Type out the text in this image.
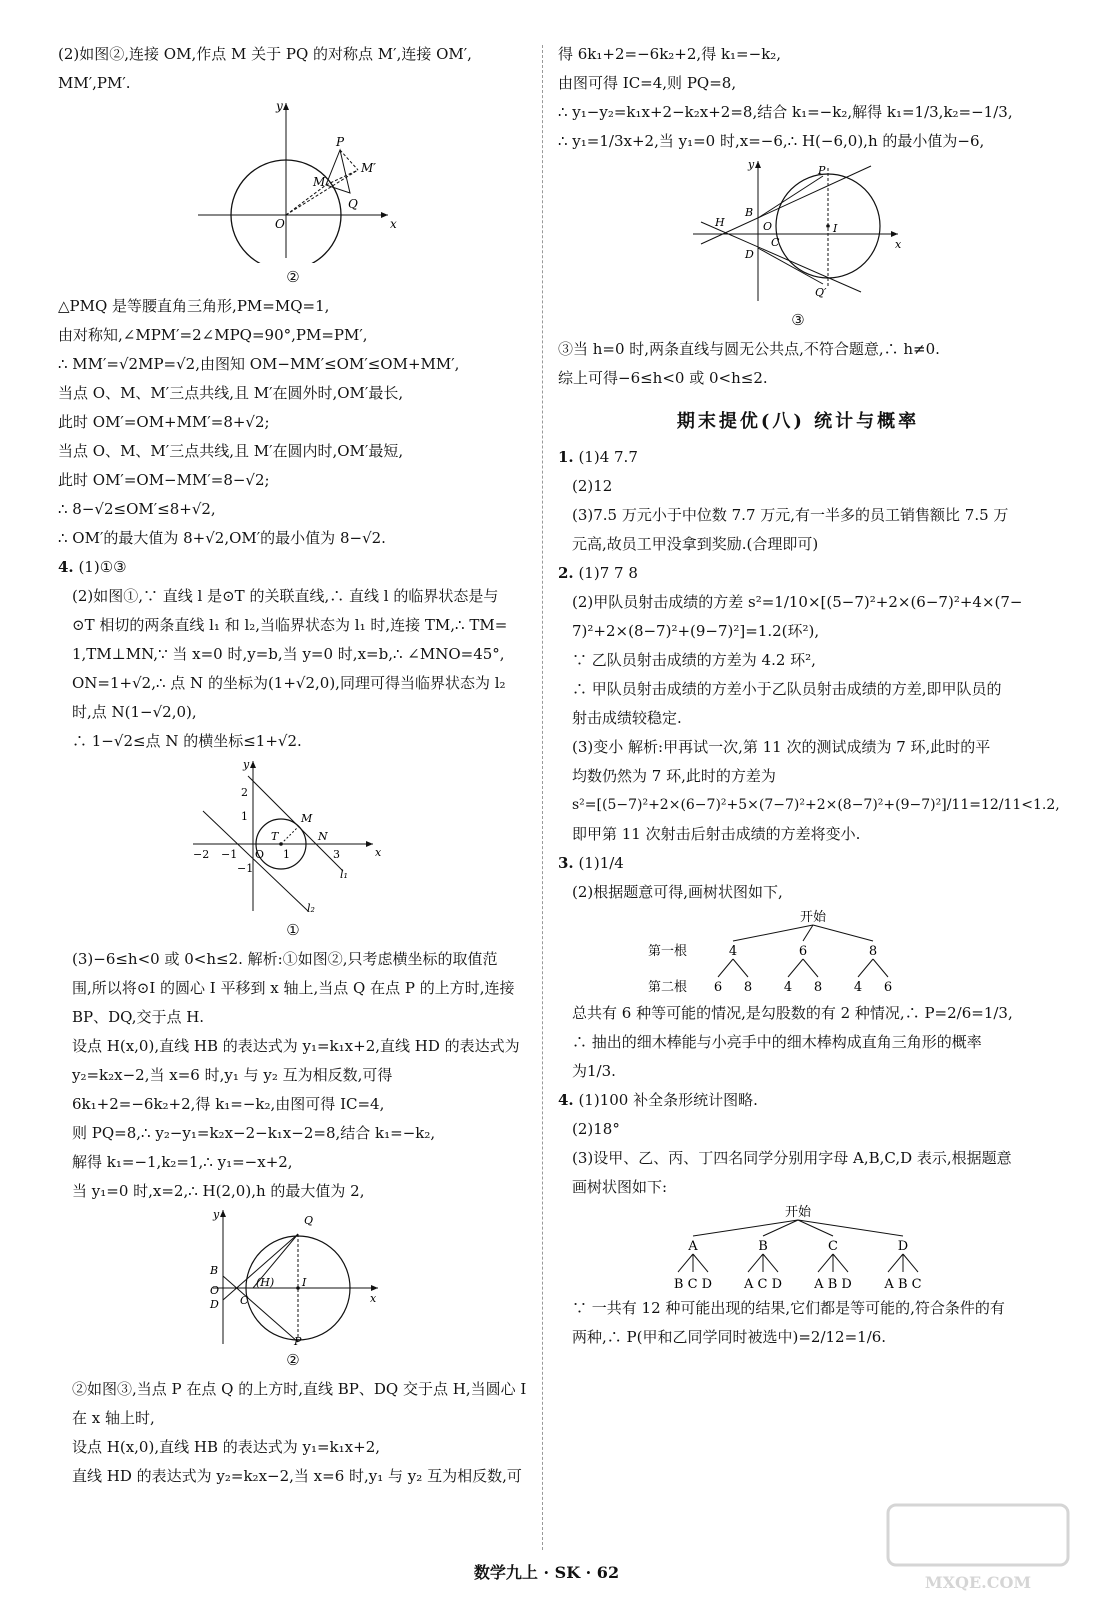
(2)如图②,连接 OM,作点 M 关于 PQ 的对称点 M′,连接 OM′,
MM′,PM′.
y
x
O
P
M
M′
Q
②
△PMQ 是等腰直角三角形,PM=MQ=1,
由对称知,∠MPM′=2∠MPQ=90°,PM=PM′,
∴ MM′=√2MP=√2,由图知 OM−MM′≤OM′≤OM+MM′,
当点 O、M、M′三点共线,且 M′在圆外时,OM′最长,
此时 OM′=OM+MM′=8+√2;
当点 O、M、M′三点共线,且 M′在圆内时,OM′最短,
此时 OM′=OM−MM′=8−√2;
∴ 8−√2≤OM′≤8+√2,
∴ OM′的最大值为 8+√2,OM′的最小值为 8−√2.
4. (1)①③
(2)如图①,∵ 直线 l 是⊙T 的关联直线,∴ 直线 l 的临界状态是与
⊙T 相切的两条直线 l₁ 和 l₂,当临界状态为 l₁ 时,连接 TM,∴ TM=
1,TM⊥MN,∵ 当 x=0 时,y=b,当 y=0 时,x=b,∴ ∠MNO=45°,
ON=1+√2,∴ 点 N 的坐标为(1+√2,0),同理可得当临界状态为 l₂
时,点 N(1−√2,0),
∴ 1−√2≤点 N 的横坐标≤1+√2.
y
x
−2 −1 O 1	3
2
1
−1
T
M
N
l₁
l₂
①
(3)−6≤h<0 或 0<h≤2. 解析:①如图②,只考虑横坐标的取值范
围,所以将⊙I 的圆心 I 平移到 x 轴上,当点 Q 在点 P 的上方时,连接
BP、DQ,交于点 H.
设点 H(x,0),直线 HB 的表达式为 y₁=k₁x+2,直线 HD 的表达式为
y₂=k₂x−2,当 x=6 时,y₁ 与 y₂ 互为相反数,可得
6k₁+2=−6k₂+2,得 k₁=−k₂,由图可得 IC=4,
则 PQ=8,∴ y₂−y₁=k₂x−2−k₁x−2=8,结合 k₁=−k₂,
解得 k₁=−1,k₂=1,∴ y₁=−x+2,
当 y₁=0 时,x=2,∴ H(2,0),h 的最大值为 2,
y
x
Q
I
(H)
B
O
D C
P
②
②如图③,当点 P 在点 Q 的上方时,直线 BP、DQ 交于点 H,当圆心 I
在 x 轴上时,
设点 H(x,0),直线 HB 的表达式为 y₁=k₁x+2,
直线 HD 的表达式为 y₂=k₂x−2,当 x=6 时,y₁ 与 y₂ 互为相反数,可
得 6k₁+2=−6k₂+2,得 k₁=−k₂,
由图可得 IC=4,则 PQ=8,
∴ y₁−y₂=k₁x+2−k₂x+2=8,结合 k₁=−k₂,解得 k₁=1/3,k₂=−1/3,
∴ y₁=1/3x+2,当 y₁=0 时,x=−6,∴ H(−6,0),h 的最小值为−6,
y
x
P
I
H
B
O
C
D
Q′
③
③当 h=0 时,两条直线与圆无公共点,不符合题意,∴ h≠0.
综上可得−6≤h<0 或 0<h≤2.
期末提优(八) 统计与概率
1. (1)4 7.7
(2)12
(3)7.5 万元小于中位数 7.7 万元,有一半多的员工销售额比 7.5 万
元高,故员工甲没拿到奖励.(合理即可)
2. (1)7 7 8
(2)甲队员射击成绩的方差 s²=1/10×[(5−7)²+2×(6−7)²+4×(7−
7)²+2×(8−7)²+(9−7)²]=1.2(环²),
∵ 乙队员射击成绩的方差为 4.2 环²,
∴ 甲队员射击成绩的方差小于乙队员射击成绩的方差,即甲队员的
射击成绩较稳定.
(3)变小 解析:甲再试一次,第 11 次的测试成绩为 7 环,此时的平
均数仍然为 7 环,此时的方差为
s²=[(5−7)²+2×(6−7)²+5×(7−7)²+2×(8−7)²+(9−7)²]/11=12/11<1.2,
即甲第 11 次射击后射击成绩的方差将变小.
3. (1)1/4
(2)根据题意可得,画树状图如下,
开始
第一根	4	6	8
第二根 6 8 4 8 4 6
总共有 6 种等可能的情况,是勾股数的有 2 种情况,∴ P=2/6=1/3,
∴ 抽出的细木棒能与小亮手中的细木棒构成直角三角形的概率
为1/3.
4. (1)100 补全条形统计图略.
(2)18°
(3)设甲、乙、丙、丁四名同学分别用字母 A,B,C,D 表示,根据题意
画树状图如下:
开始
A	B	C	D
B C D A C D A B D	A B C
∵ 一共有 12 种可能出现的结果,它们都是等可能的,符合条件的有
两种,∴ P(甲和乙同学同时被选中)=2/12=1/6.
数学九上 · SK · 62
MXQE.COM
